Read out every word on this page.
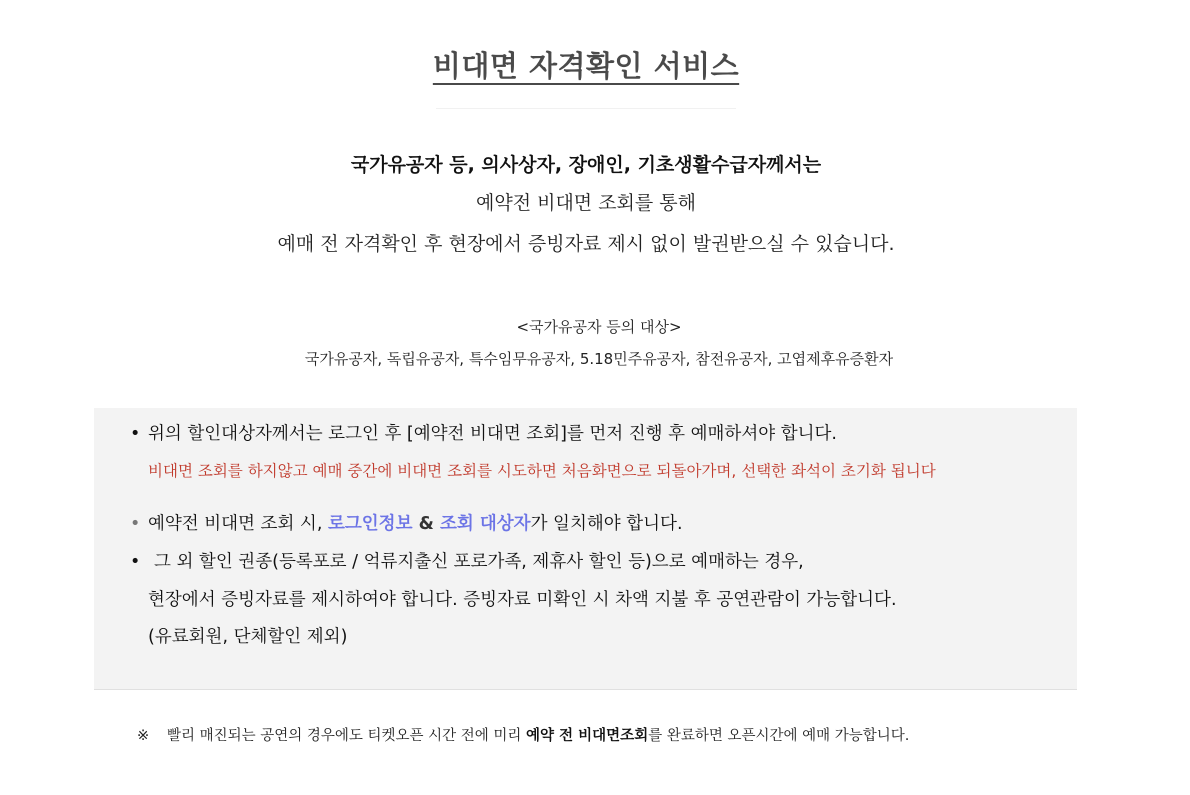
비대면 자격확인 서비스
국가유공자 등, 의사상자, 장애인, 기초생활수급자께서는
예약전 비대면 조회를 통해
예매 전 자격확인 후 현장에서 증빙자료 제시 없이 발권받으실 수 있습니다.
<국가유공자 등의 대상>
국가유공자, 독립유공자, 특수임무유공자, 5.18민주유공자, 참전유공자, 고엽제후유증환자
• 위의 할인대상자께서는 로그인 후 [예약전 비대면 조회]를 먼저 진행 후 예매하셔야 합니다.
비대면 조회를 하지않고 예매 중간에 비대면 조회를 시도하면 처음화면으로 되돌아가며, 선택한 좌석이 초기화 됩니다
• 예약전 비대면 조회 시, 로그인정보 & 조회 대상자가 일치해야 합니다.
• 그 외 할인 권종(등록포로 / 억류지출신 포로가족, 제휴사 할인 등)으로 예매하는 경우,
현장에서 증빙자료를 제시하여야 합니다. 증빙자료 미확인 시 차액 지불 후 공연관람이 가능합니다.
(유료회원, 단체할인 제외)
※ 빨리 매진되는 공연의 경우에도 티켓오픈 시간 전에 미리 예약 전 비대면조회를 완료하면 오픈시간에 예매 가능합니다.
